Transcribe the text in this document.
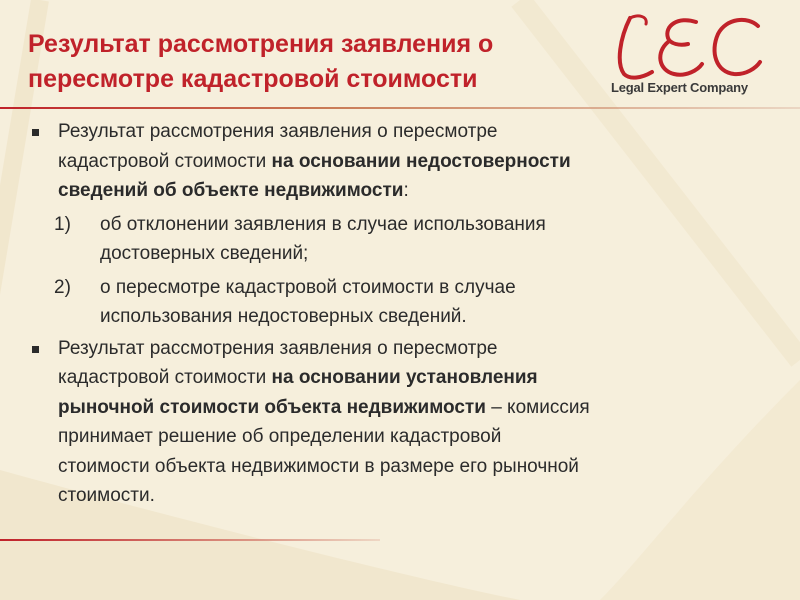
Результат рассмотрения заявления о
пересмотре кадастровой стоимости	Legal Expert Company
Результат рассмотрения заявления о пересмотре
кадастровой стоимости на основании недостоверности
сведений об объекте недвижимости:
1) об отклонении заявления в случае использования
достоверных сведений;
2) о пересмотре кадастровой стоимости в случае
использования недостоверных сведений.
Результат рассмотрения заявления о пересмотре
кадастровой стоимости на основании установления
рыночной стоимости объекта недвижимости – комиссия
принимает решение об определении кадастровой
стоимости объекта недвижимости в размере его рыночной
стоимости.
